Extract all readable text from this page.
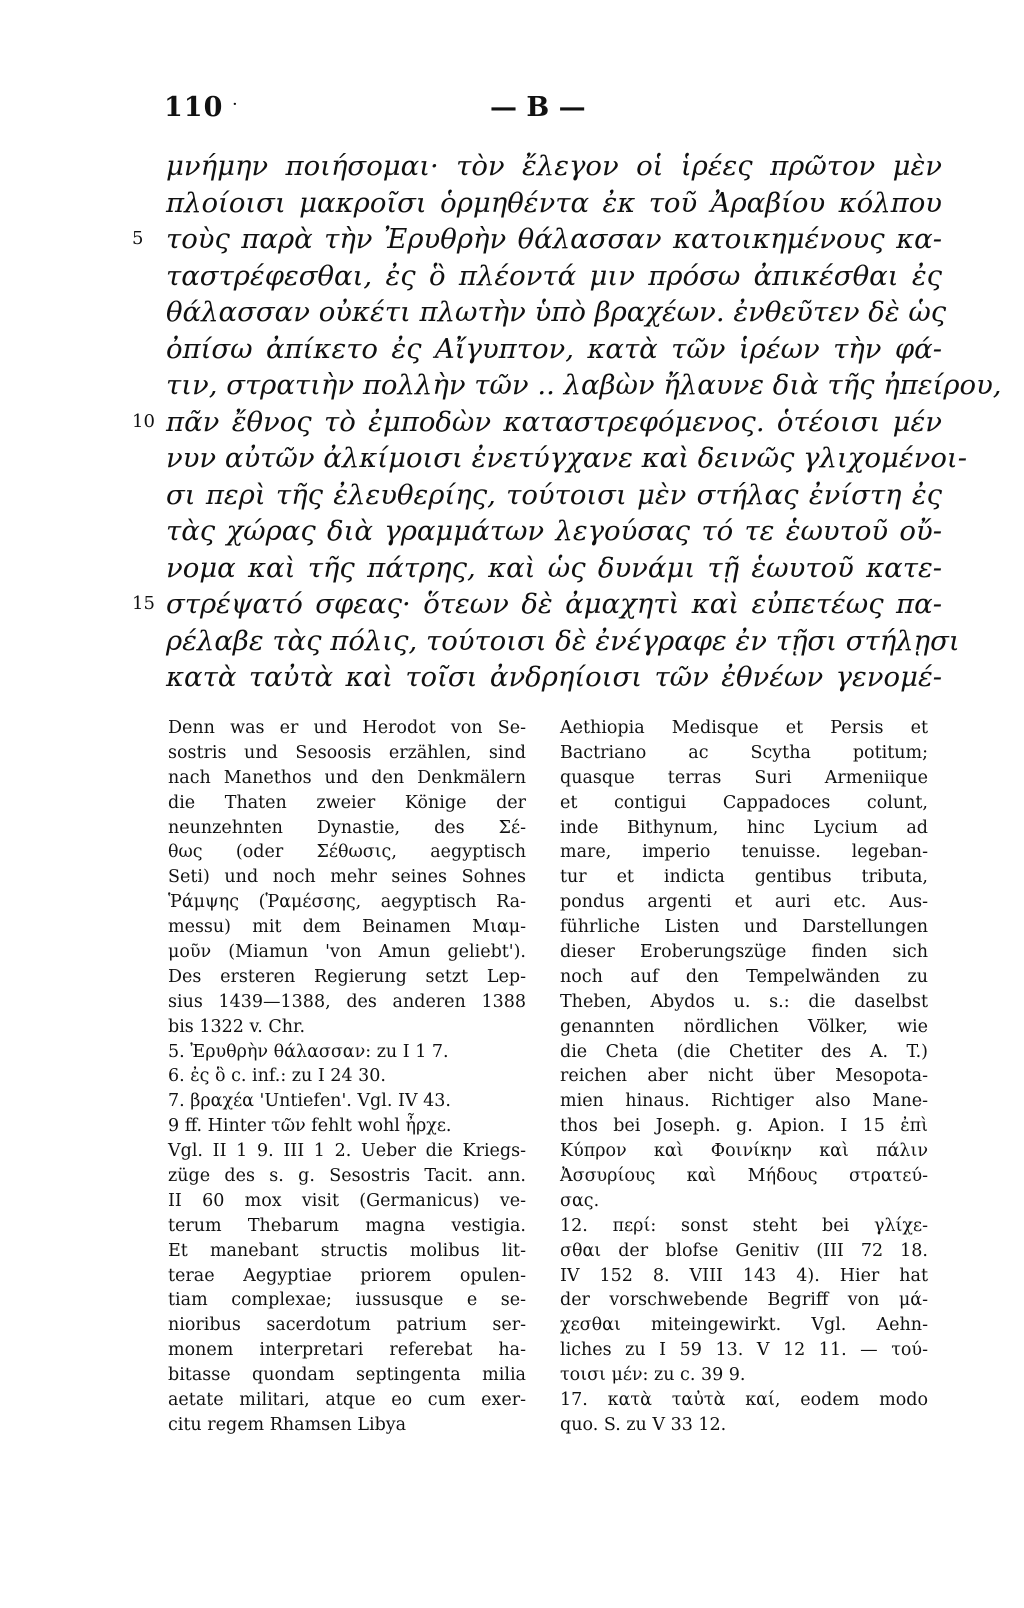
110 ·	— B —
μνήμην ποιήσομαι· τὸν ἔλεγον οἱ ἱρέες πρῶτον μὲν
πλοίοισι μακροῖσι ὁρμηθέντα ἐκ τοῦ Ἀραβίου κόλπου
5 τοὺς παρὰ τὴν Ἐρυθρὴν θάλασσαν κατοικημένους κα-
ταστρέφεσθαι, ἐς ὃ πλέοντά μιν πρόσω ἀπικέσθαι ἐς
θάλασσαν οὐκέτι πλωτὴν ὑπὸ βραχέων. ἐνθεῦτεν δὲ ὡς
ὀπίσω ἀπίκετο ἐς Αἴγυπτον, κατὰ τῶν ἱρέων τὴν φά-
τιν, στρατιὴν πολλὴν τῶν .. λαβὼν ἤλαυνε διὰ τῆς ἠπείρου,
10 πᾶν ἔθνος τὸ ἐμποδὼν καταστρεφόμενος. ὁτέοισι μέν
νυν αὐτῶν ἀλκίμοισι ἐνετύγχανε καὶ δεινῶς γλιχομένοι-
σι περὶ τῆς ἐλευθερίης, τούτοισι μὲν στήλας ἐνίστη ἐς
τὰς χώρας διὰ γραμμάτων λεγούσας τό τε ἑωυτοῦ οὔ-
νομα καὶ τῆς πάτρης, καὶ ὡς δυνάμι τῇ ἑωυτοῦ κατε-
15 στρέψατό σφεας· ὅτεων δὲ ἀμαχητὶ καὶ εὐπετέως πα-
ρέλαβε τὰς πόλις, τούτοισι δὲ ἐνέγραφε ἐν τῇσι στήλῃσι
κατὰ ταὐτὰ καὶ τοῖσι ἀνδρηίοισι τῶν ἐθνέων γενομέ-
Denn was er und Herodot von Se-
sostris und Sesoosis erzählen, sind
nach Manethos und den Denkmälern
die Thaten zweier Könige der
neunzehnten Dynastie, des Σέ-
θως (oder Σέθωσις, aegyptisch
Seti) und noch mehr seines Sohnes
Ῥάμψης (Ῥαμέσσης, aegyptisch Ra-
messu) mit dem Beinamen Μιαμ-
μοῦν (Miamun 'von Amun geliebt').
Des ersteren Regierung setzt Lep-
sius 1439—1388, des anderen 1388
bis 1322 v. Chr.
5. Ἐρυθρὴν θάλασσαν: zu I 1 7.
6. ἐς ὃ c. inf.: zu I 24 30.
7. βραχέα 'Untiefen'. Vgl. IV 43.
9 ff. Hinter τῶν fehlt wohl ἦρχε.
Vgl. II 1 9. III 1 2. Ueber die Kriegs-
züge des s. g. Sesostris Tacit. ann.
II 60 mox visit (Germanicus) ve-
terum Thebarum magna vestigia.
Et manebant structis molibus lit-
terae Aegyptiae priorem opulen-
tiam complexae; iussusque e se-
nioribus sacerdotum patrium ser-
monem interpretari referebat ha-
bitasse quondam septingenta milia
aetate militari, atque eo cum exer-
citu regem Rhamsen Libya
Aethiopia Medisque et Persis et
Bactriano ac Scytha potitum;
quasque terras Suri Armeniique
et contigui Cappadoces colunt,
inde Bithynum, hinc Lycium ad
mare, imperio tenuisse. legeban-
tur et indicta gentibus tributa,
pondus argenti et auri etc. Aus-
führliche Listen und Darstellungen
dieser Eroberungszüge finden sich
noch auf den Tempelwänden zu
Theben, Abydos u. s.: die daselbst
genannten nördlichen Völker, wie
die Cheta (die Chetiter des A. T.)
reichen aber nicht über Mesopota-
mien hinaus. Richtiger also Mane-
thos bei Joseph. g. Apion. I 15 ἐπὶ
Κύπρον καὶ Φοινίκην καὶ πάλιν
Ἀσσυρίους καὶ Μήδους στρατεύ-
σας.
12. περί: sonst steht bei γλίχε-
σθαι der blofse Genitiv (III 72 18.
IV 152 8. VIII 143 4). Hier hat
der vorschwebende Begriff von μά-
χεσθαι miteingewirkt. Vgl. Aehn-
liches zu I 59 13. V 12 11. — τού-
τοισι μέν: zu c. 39 9.
17. κατὰ ταὐτὰ καί, eodem modo
quo. S. zu V 33 12.
